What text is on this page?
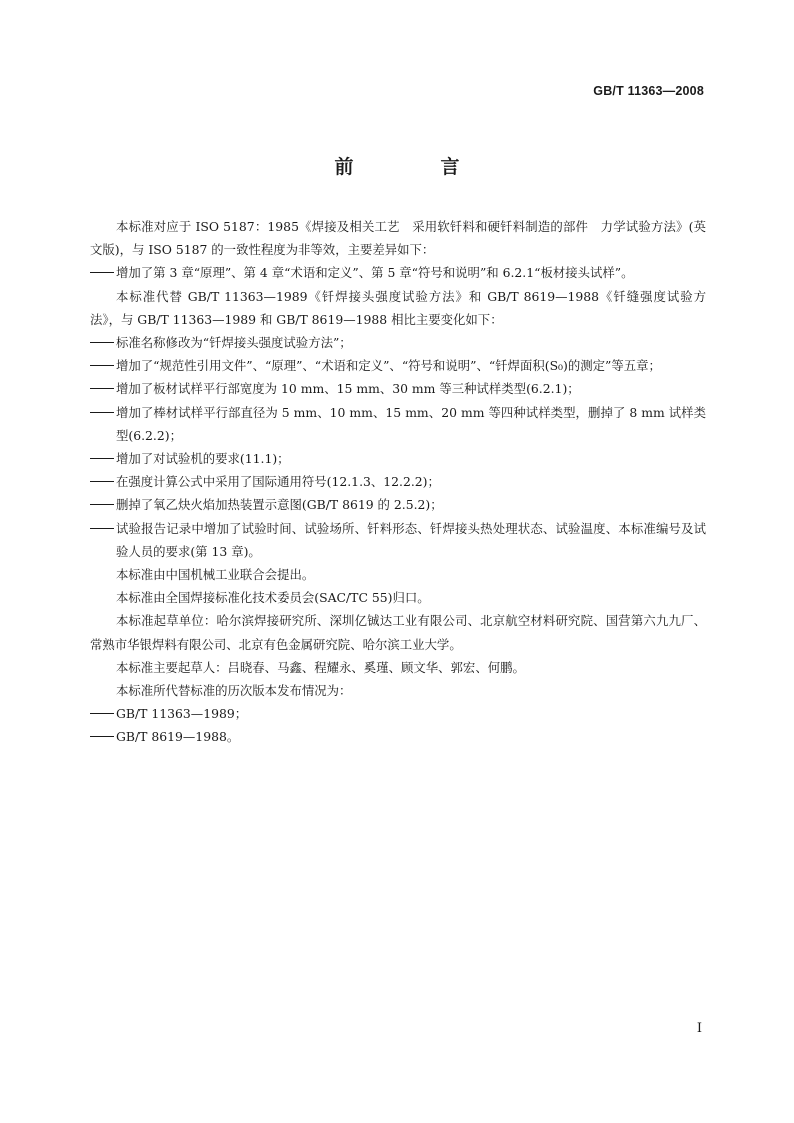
GB/T 11363—2008
前　言

本标准对应于 ISO 5187：1985《焊接及相关工艺　采用软钎料和硬钎料制造的部件　力学试验方法》(英文版)，与 ISO 5187 的一致性程度为非等效，主要差异如下：

增加了第 3 章“原理”、第 4 章“术语和定义”、第 5 章“符号和说明”和 6.2.1“板材接头试样”。

本标准代替 GB/T 11363—1989《钎焊接头强度试验方法》和 GB/T 8619—1988《钎缝强度试验方法》，与 GB/T 11363—1989 和 GB/T 8619—1988 相比主要变化如下：

标准名称修改为“钎焊接头强度试验方法”；

增加了“规范性引用文件”、“原理”、“术语和定义”、“符号和说明”、“钎焊面积(S₀)的测定”等五章；

增加了板材试样平行部宽度为 10 mm、15 mm、30 mm 等三种试样类型(6.2.1)；

增加了棒材试样平行部直径为 5 mm、10 mm、15 mm、20 mm 等四种试样类型，删掉了 8 mm 试样类型(6.2.2)；

增加了对试验机的要求(11.1)；

在强度计算公式中采用了国际通用符号(12.1.3、12.2.2)；

删掉了氧乙炔火焰加热装置示意图(GB/T 8619 的 2.5.2)；

试验报告记录中增加了试验时间、试验场所、钎料形态、钎焊接头热处理状态、试验温度、本标准编号及试验人员的要求(第 13 章)。

本标准由中国机械工业联合会提出。

本标准由全国焊接标准化技术委员会(SAC/TC 55)归口。

本标准起草单位：哈尔滨焊接研究所、深圳亿铖达工业有限公司、北京航空材料研究院、国营第六九九厂、常熟市华银焊料有限公司、北京有色金属研究院、哈尔滨工业大学。

本标准主要起草人：吕晓春、马鑫、程耀永、奚瑾、顾文华、郭宏、何鹏。

本标准所代替标准的历次版本发布情况为：

GB/T 11363—1989；

GB/T 8619—1988。

I
